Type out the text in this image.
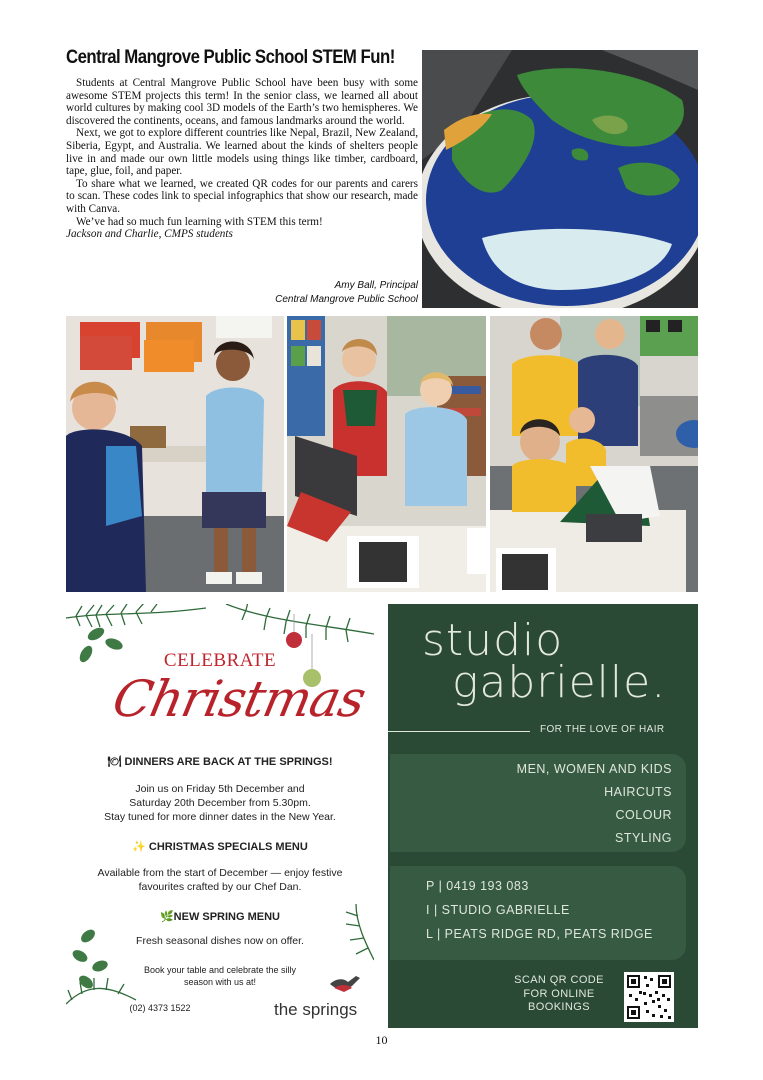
Central Mangrove Public School STEM Fun!

Students at Central Mangrove Public School have been busy with some awesome STEM projects this term! In the senior class, we learned all about world cultures by making cool 3D models of the Earth’s two hemispheres. We discovered the continents, oceans, and famous landmarks around the world.

Next, we got to explore different countries like Nepal, Brazil, New Zealand, Siberia, Egypt, and Australia. We learned about the kinds of shelters people live in and made our own little models using things like timber, cardboard, tape, glue, foil, and paper.

To share what we learned, we created QR codes for our parents and carers to scan. These codes link to special infographics that show our research, made with Canva.

We’ve had so much fun learning with STEM this term!

Jackson and Charlie, CMPS students
Amy Ball, Principal
Central Mangrove Public School
CELEBRATE
Christmas
🍽 DINNERS ARE BACK AT THE SPRINGS!
Join us on Friday 5th December and
Saturday 20th December from 5.30pm.
Stay tuned for more dinner dates in the New Year.
✨ CHRISTMAS SPECIALS MENU
Available from the start of December — enjoy festive
favourites crafted by our Chef Dan.
🌿NEW SPRING MENU
Fresh seasonal dishes now on offer.
Book your table and celebrate the silly
season with us at!
(02) 4373 1522	the springs
studio
gabrielle.
FOR THE LOVE OF HAIR
MEN, WOMEN AND KIDS
HAIRCUTS
COLOUR
STYLING
P | 0419 193 083
I | STUDIO GABRIELLE
L | PEATS RIDGE RD, PEATS RIDGE
SCAN QR CODE
FOR ONLINE
BOOKINGS
10
